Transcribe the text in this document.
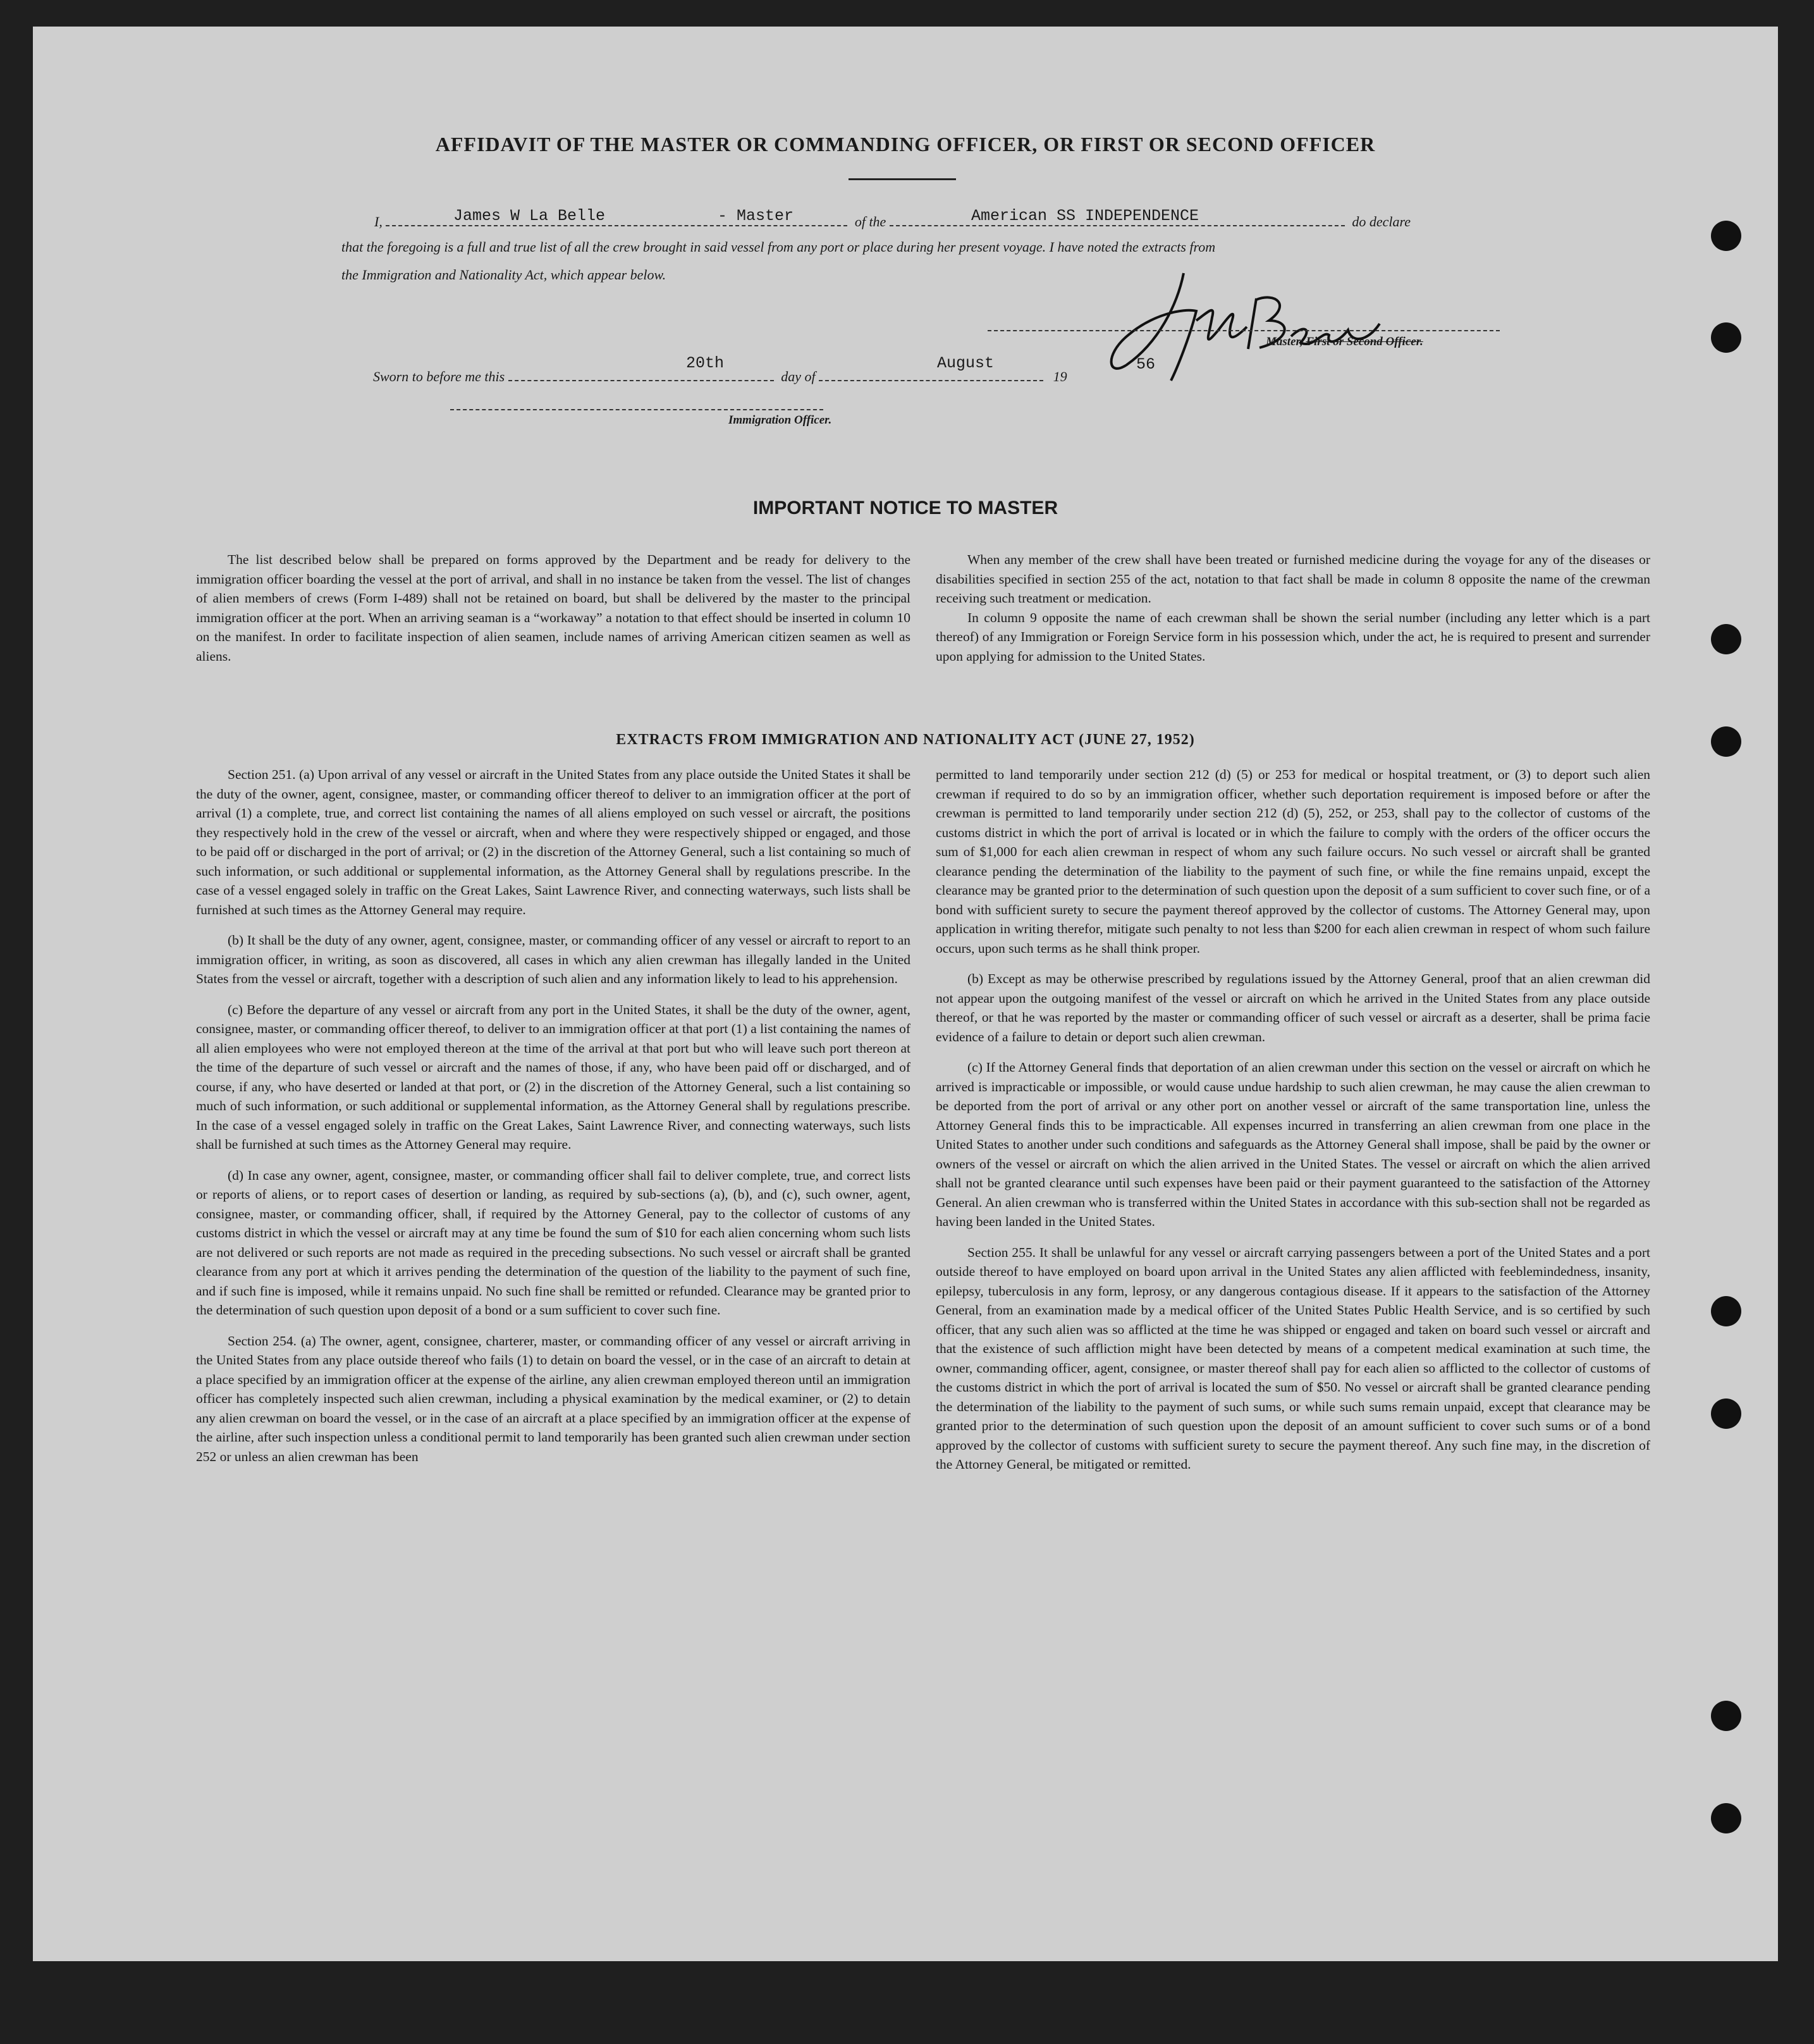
AFFIDAVIT OF THE MASTER OR COMMANDING OFFICER, OR FIRST OR SECOND OFFICER
I,	of the	do declare
James W La Belle	- Master	American SS INDEPENDENCE
that the foregoing is a full and true list of all the crew brought in said vessel from any port or place during her present voyage. I have noted the extracts from
the Immigration and Nationality Act, which appear below.
Master, First or Second Officer.
Sworn to before me this	day of	19
20th	August	56
Immigration Officer.
IMPORTANT NOTICE TO MASTER

The list described below shall be prepared on forms approved by the Department and be ready for delivery to the immigration officer boarding the vessel at the port of arrival, and shall in no instance be taken from the vessel. The list of changes of alien members of crews (Form I-489) shall not be retained on board, but shall be delivered by the master to the principal immigration officer at the port. When an arriving seaman is a “workaway” a notation to that effect should be inserted in column 10 on the manifest. In order to facilitate inspection of alien seamen, include names of arriving American citizen seamen as well as aliens.

When any member of the crew shall have been treated or furnished medicine during the voyage for any of the diseases or disabilities specified in section 255 of the act, notation to that fact shall be made in column 8 opposite the name of the crewman receiving such treatment or medication.

In column 9 opposite the name of each crewman shall be shown the serial number (including any letter which is a part thereof) of any Immigration or Foreign Service form in his possession which, under the act, he is required to present and surrender upon applying for admission to the United States.

EXTRACTS FROM IMMIGRATION AND NATIONALITY ACT (JUNE 27, 1952)

Section 251. (a) Upon arrival of any vessel or aircraft in the United States from any place outside the United States it shall be the duty of the owner, agent, consignee, master, or commanding officer thereof to deliver to an immigration officer at the port of arrival (1) a complete, true, and correct list containing the names of all aliens employed on such vessel or aircraft, the positions they respectively hold in the crew of the vessel or aircraft, when and where they were respectively shipped or engaged, and those to be paid off or discharged in the port of arrival; or (2) in the discretion of the Attorney General, such a list containing so much of such information, or such additional or supplemental information, as the Attorney General shall by regulations prescribe. In the case of a vessel engaged solely in traffic on the Great Lakes, Saint Lawrence River, and connecting waterways, such lists shall be furnished at such times as the Attorney General may require.

(b) It shall be the duty of any owner, agent, consignee, master, or commanding officer of any vessel or aircraft to report to an immigration officer, in writing, as soon as discovered, all cases in which any alien crewman has illegally landed in the United States from the vessel or aircraft, together with a description of such alien and any information likely to lead to his apprehension.

(c) Before the departure of any vessel or aircraft from any port in the United States, it shall be the duty of the owner, agent, consignee, master, or commanding officer thereof, to deliver to an immigration officer at that port (1) a list containing the names of all alien employees who were not employed thereon at the time of the arrival at that port but who will leave such port thereon at the time of the departure of such vessel or aircraft and the names of those, if any, who have been paid off or discharged, and of course, if any, who have deserted or landed at that port, or (2) in the discretion of the Attorney General, such a list containing so much of such information, or such additional or supplemental information, as the Attorney General shall by regulations prescribe. In the case of a vessel engaged solely in traffic on the Great Lakes, Saint Lawrence River, and connecting waterways, such lists shall be furnished at such times as the Attorney General may require.

(d) In case any owner, agent, consignee, master, or commanding officer shall fail to deliver complete, true, and correct lists or reports of aliens, or to report cases of desertion or landing, as required by sub-sections (a), (b), and (c), such owner, agent, consignee, master, or commanding officer, shall, if required by the Attorney General, pay to the collector of customs of any customs district in which the vessel or aircraft may at any time be found the sum of $10 for each alien concerning whom such lists are not delivered or such reports are not made as required in the preceding subsections. No such vessel or aircraft shall be granted clearance from any port at which it arrives pending the determination of the question of the liability to the payment of such fine, and if such fine is imposed, while it remains unpaid. No such fine shall be remitted or refunded. Clearance may be granted prior to the determination of such question upon deposit of a bond or a sum sufficient to cover such fine.

Section 254. (a) The owner, agent, consignee, charterer, master, or commanding officer of any vessel or aircraft arriving in the United States from any place outside thereof who fails (1) to detain on board the vessel, or in the case of an aircraft to detain at a place specified by an immigration officer at the expense of the airline, any alien crewman employed thereon until an immigration officer has completely inspected such alien crewman, including a physical examination by the medical examiner, or (2) to detain any alien crewman on board the vessel, or in the case of an aircraft at a place specified by an immigration officer at the expense of the airline, after such inspection unless a conditional permit to land temporarily has been granted such alien crewman under section 252 or unless an alien crewman has been

permitted to land temporarily under section 212 (d) (5) or 253 for medical or hospital treatment, or (3) to deport such alien crewman if required to do so by an immigration officer, whether such deportation requirement is imposed before or after the crewman is permitted to land temporarily under section 212 (d) (5), 252, or 253, shall pay to the collector of customs of the customs district in which the port of arrival is located or in which the failure to comply with the orders of the officer occurs the sum of $1,000 for each alien crewman in respect of whom any such failure occurs. No such vessel or aircraft shall be granted clearance pending the determination of the liability to the payment of such fine, or while the fine remains unpaid, except the clearance may be granted prior to the determination of such question upon the deposit of a sum sufficient to cover such fine, or of a bond with sufficient surety to secure the payment thereof approved by the collector of customs. The Attorney General may, upon application in writing therefor, mitigate such penalty to not less than $200 for each alien crewman in respect of whom such failure occurs, upon such terms as he shall think proper.

(b) Except as may be otherwise prescribed by regulations issued by the Attorney General, proof that an alien crewman did not appear upon the outgoing manifest of the vessel or aircraft on which he arrived in the United States from any place outside thereof, or that he was reported by the master or commanding officer of such vessel or aircraft as a deserter, shall be prima facie evidence of a failure to detain or deport such alien crewman.

(c) If the Attorney General finds that deportation of an alien crewman under this section on the vessel or aircraft on which he arrived is impracticable or impossible, or would cause undue hardship to such alien crewman, he may cause the alien crewman to be deported from the port of arrival or any other port on another vessel or aircraft of the same transportation line, unless the Attorney General finds this to be impracticable. All expenses incurred in transferring an alien crewman from one place in the United States to another under such conditions and safeguards as the Attorney General shall impose, shall be paid by the owner or owners of the vessel or aircraft on which the alien arrived in the United States. The vessel or aircraft on which the alien arrived shall not be granted clearance until such expenses have been paid or their payment guaranteed to the satisfaction of the Attorney General. An alien crewman who is transferred within the United States in accordance with this sub-section shall not be regarded as having been landed in the United States.

Section 255. It shall be unlawful for any vessel or aircraft carrying passengers between a port of the United States and a port outside thereof to have employed on board upon arrival in the United States any alien afflicted with feeblemindedness, insanity, epilepsy, tuberculosis in any form, leprosy, or any dangerous contagious disease. If it appears to the satisfaction of the Attorney General, from an examination made by a medical officer of the United States Public Health Service, and is so certified by such officer, that any such alien was so afflicted at the time he was shipped or engaged and taken on board such vessel or aircraft and that the existence of such affliction might have been detected by means of a competent medical examination at such time, the owner, commanding officer, agent, consignee, or master thereof shall pay for each alien so afflicted to the collector of customs of the customs district in which the port of arrival is located the sum of $50. No vessel or aircraft shall be granted clearance pending the determination of the liability to the payment of such sums, or while such sums remain unpaid, except that clearance may be granted prior to the determination of such question upon the deposit of an amount sufficient to cover such sums or of a bond approved by the collector of customs with sufficient surety to secure the payment thereof. Any such fine may, in the discretion of the Attorney General, be mitigated or remitted.
